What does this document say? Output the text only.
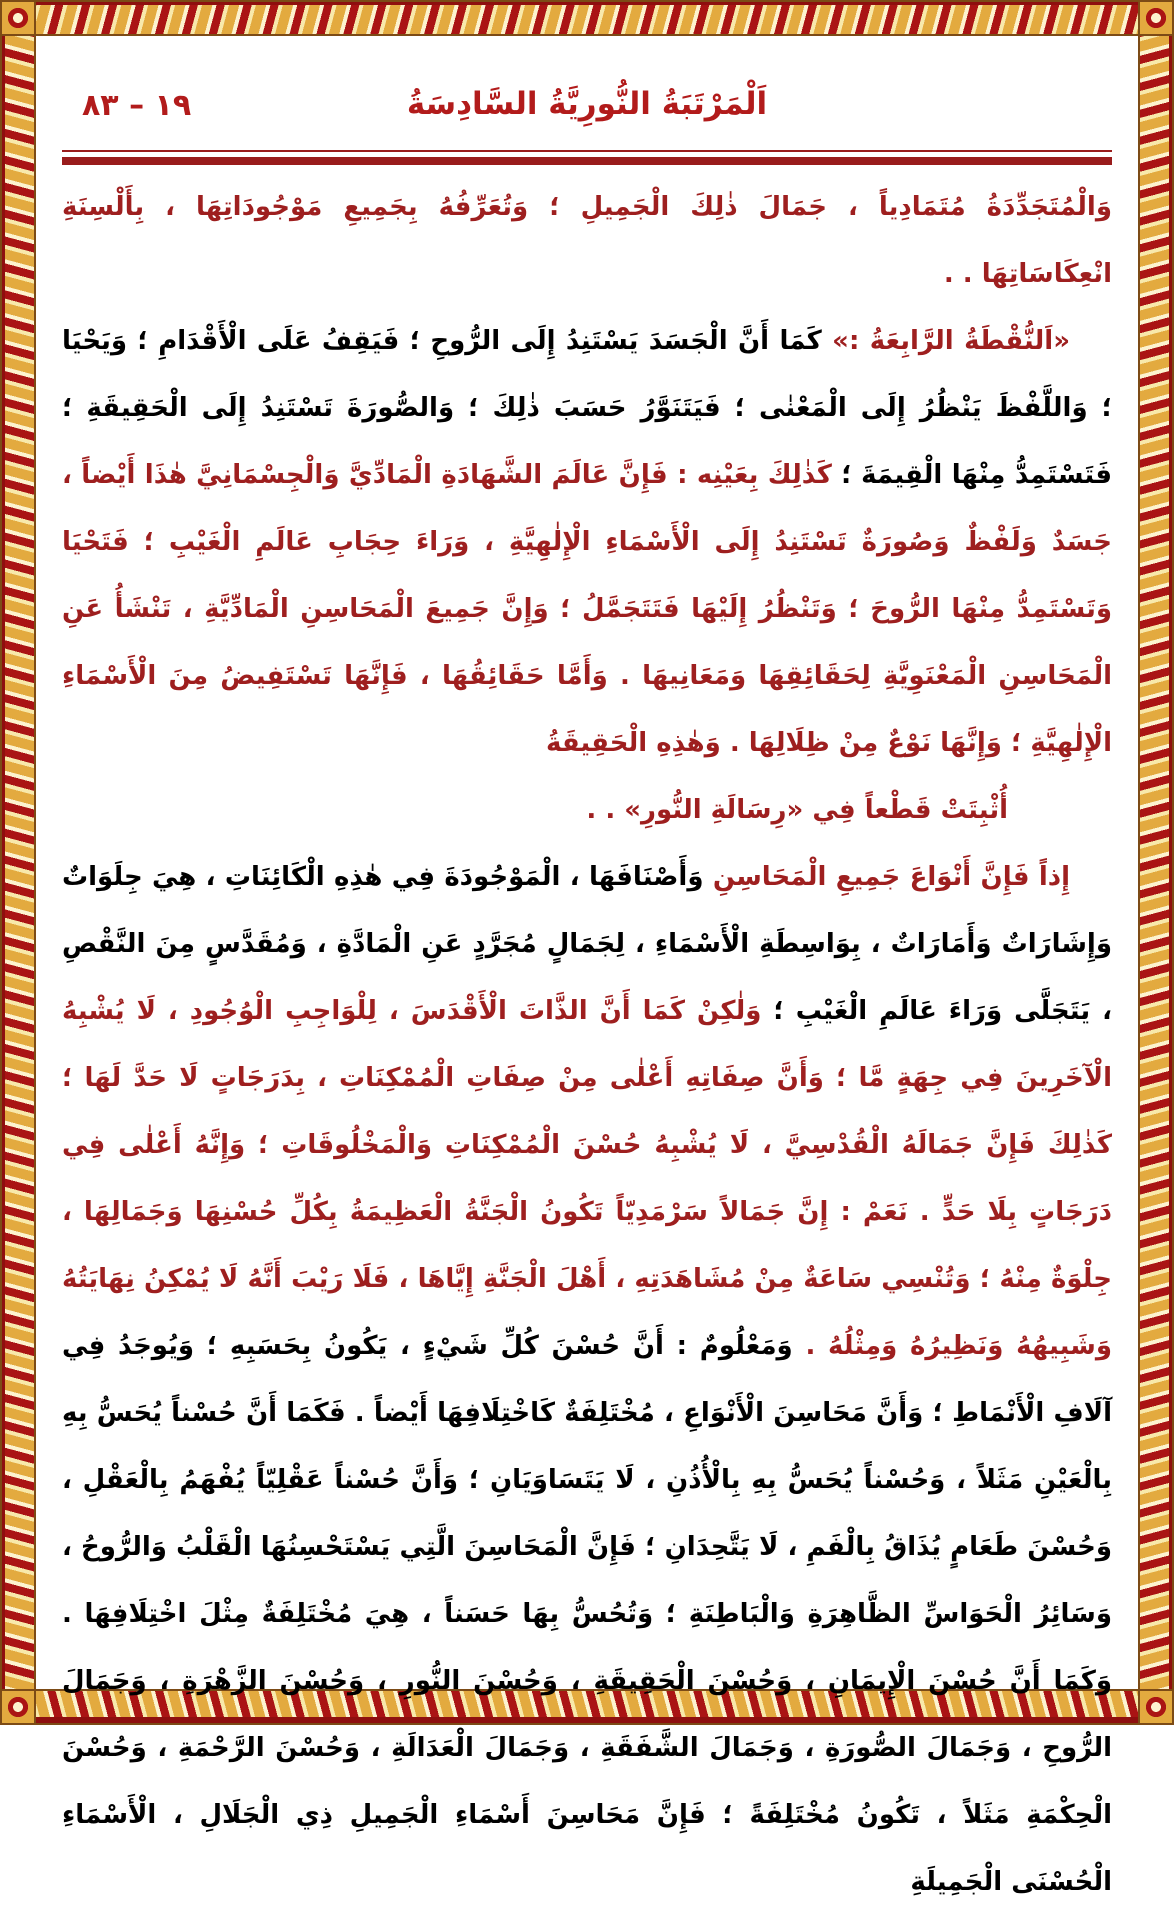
٨٣ – ١٩	اَلْمَرْتَبَةُ النُّورِيَّةُ السَّادِسَةُ
وَالْمُتَجَدِّدَةُ مُتَمَادِياً ، جَمَالَ ذٰلِكَ الْجَمِيلِ ؛ وَتُعَرِّفُهُ بِجَمِيعِ مَوْجُودَاتِهَا ، بِأَلْسِنَةِ انْعِكَاسَاتِهَا . .
«اَلنُّقْطَةُ الرَّابِعَةُ :» كَمَا أَنَّ الْجَسَدَ يَسْتَنِدُ إِلَى الرُّوحِ ؛ فَيَقِفُ عَلَى الْأَقْدَامِ ؛ وَيَحْيَا ؛ وَاللَّفْظَ يَنْظُرُ إِلَى الْمَعْنٰى ؛ فَيَتَنَوَّرُ حَسَبَ ذٰلِكَ ؛ وَالصُّورَةَ تَسْتَنِدُ إِلَى الْحَقِيقَةِ ؛ فَتَسْتَمِدُّ مِنْهَا الْقِيمَةَ ؛ كَذٰلِكَ بِعَيْنِه : فَإِنَّ عَالَمَ الشَّهَادَةِ الْمَادِّيَّ وَالْجِسْمَانِيَّ هٰذَا أَيْضاً ، جَسَدٌ وَلَفْظٌ وَصُورَةٌ تَسْتَنِدُ إِلَى الْأَسْمَاءِ الْإِلٰهِيَّةِ ، وَرَاءَ حِجَابِ عَالَمِ الْغَيْبِ ؛ فَتَحْيَا وَتَسْتَمِدُّ مِنْهَا الرُّوحَ ؛ وَتَنْظُرُ إِلَيْهَا فَتَتَجَمَّلُ ؛ وَإِنَّ جَمِيعَ الْمَحَاسِنِ الْمَادِّيَّةِ ، تَنْشَأُ عَنِ الْمَحَاسِنِ الْمَعْنَوِيَّةِ لِحَقَائِقِهَا وَمَعَانِيهَا . وَأَمَّا حَقَائِقُهَا ، فَإِنَّهَا تَسْتَفِيضُ مِنَ الْأَسْمَاءِ الْإِلٰهِيَّةِ ؛ وَإِنَّهَا نَوْعٌ مِنْ ظِلَالِهَا . وَهٰذِهِ الْحَقِيقَةُ
أُثْبِتَتْ قَطْعاً فِي «رِسَالَةِ النُّورِ» . .
إِذاً فَإِنَّ أَنْوَاعَ جَمِيعِ الْمَحَاسِنِ وَأَصْنَافَهَا ، الْمَوْجُودَةَ فِي هٰذِهِ الْكَائِنَاتِ ، هِيَ جِلَوَاتٌ وَإِشَارَاتٌ وَأَمَارَاتٌ ، بِوَاسِطَةِ الْأَسْمَاءِ ، لِجَمَالٍ مُجَرَّدٍ عَنِ الْمَادَّةِ ، وَمُقَدَّسٍ مِنَ النَّقْصِ ، يَتَجَلَّى وَرَاءَ عَالَمِ الْغَيْبِ ؛ وَلٰكِنْ كَمَا أَنَّ الذَّاتَ الْأَقْدَسَ ، لِلْوَاجِبِ الْوُجُودِ ، لَا يُشْبِهُ الْآخَرِينَ فِي جِهَةٍ مَّا ؛ وَأَنَّ صِفَاتِهِ أَعْلٰى مِنْ صِفَاتِ الْمُمْكِنَاتِ ، بِدَرَجَاتٍ لَا حَدَّ لَهَا ؛ كَذٰلِكَ فَإِنَّ جَمَالَهُ الْقُدْسِيَّ ، لَا يُشْبِهُ حُسْنَ الْمُمْكِنَاتِ وَالْمَخْلُوقَاتِ ؛ وَإِنَّهُ أَعْلٰى فِي دَرَجَاتٍ بِلَا حَدٍّ . نَعَمْ : إِنَّ جَمَالاً سَرْمَدِيّاً تَكُونُ الْجَنَّةُ الْعَظِيمَةُ بِكُلِّ حُسْنِهَا وَجَمَالِهَا ، جِلْوَةٌ مِنْهُ ؛ وَتُنْسِي سَاعَةٌ مِنْ مُشَاهَدَتِهِ ، أَهْلَ الْجَنَّةِ إِيَّاهَا ، فَلَا رَيْبَ أَنَّهُ لَا يُمْكِنُ نِهَايَتُهُ وَشَبِيهُهُ وَنَظِيرُهُ وَمِثْلُهُ . وَمَعْلُومٌ : أَنَّ حُسْنَ كُلِّ شَيْءٍ ، يَكُونُ بِحَسَبِهِ ؛ وَيُوجَدُ فِي آلَافِ الْأَنْمَاطِ ؛ وَأَنَّ مَحَاسِنَ الْأَنْوَاعِ ، مُخْتَلِفَةٌ كَاخْتِلَافِهَا أَيْضاً . فَكَمَا أَنَّ حُسْناً يُحَسُّ بِهِ بِالْعَيْنِ مَثَلاً ، وَحُسْناً يُحَسُّ بِهِ بِالْأُذُنِ ، لَا يَتَسَاوَيَانِ ؛ وَأَنَّ حُسْناً عَقْلِيّاً يُفْهَمُ بِالْعَقْلِ ، وَحُسْنَ طَعَامٍ يُذَاقُ بِالْفَمِ ، لَا يَتَّحِدَانِ ؛ فَإِنَّ الْمَحَاسِنَ الَّتِي يَسْتَحْسِنُهَا الْقَلْبُ وَالرُّوحُ ، وَسَائِرُ الْحَوَاسِّ الظَّاهِرَةِ وَالْبَاطِنَةِ ؛ وَتُحُسُّ بِهَا حَسَناً ، هِيَ مُخْتَلِفَةٌ مِثْلَ اخْتِلَافِهَا . وَكَمَا أَنَّ حُسْنَ الْإِيمَانِ ، وَحُسْنَ الْحَقِيقَةِ ، وَحُسْنَ النُّورِ ، وَحُسْنَ الزَّهْرَةِ ، وَجَمَالَ الرُّوحِ ، وَجَمَالَ الصُّورَةِ ، وَجَمَالَ الشَّفَقَةِ ، وَجَمَالَ الْعَدَالَةِ ، وَحُسْنَ الرَّحْمَةِ ، وَحُسْنَ الْحِكْمَةِ مَثَلاً ، تَكُونُ مُخْتَلِفَةً ؛ فَإِنَّ مَحَاسِنَ أَسْمَاءِ الْجَمِيلِ ذِي الْجَلَالِ ، الْأَسْمَاءِ الْحُسْنَى الْجَمِيلَةِ
